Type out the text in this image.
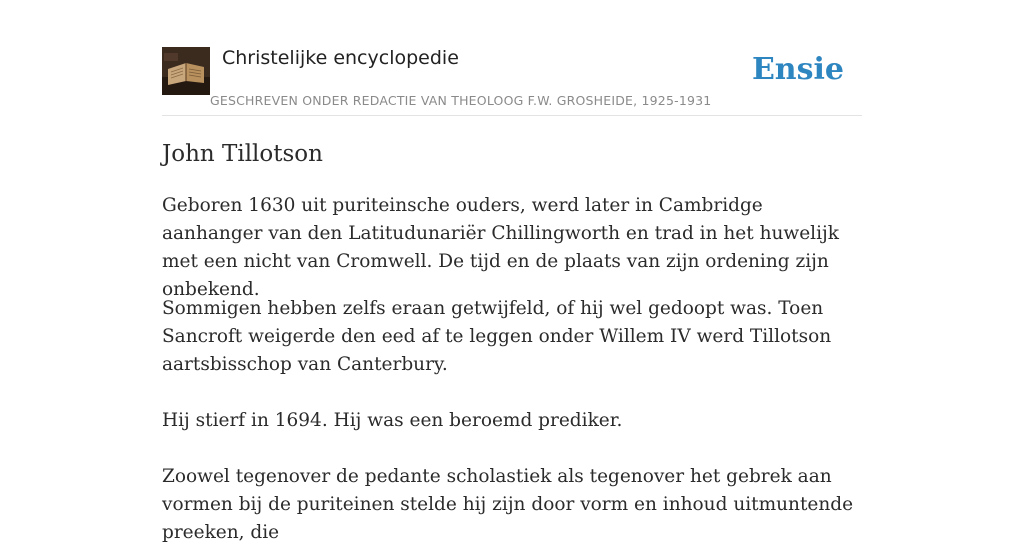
Christelijke encyclopedie
GESCHREVEN ONDER REDACTIE VAN THEOLOOG F.W. GROSHEIDE, 1925-1931
Ensie
John Tillotson

Geboren 1630 uit puriteinsche ouders, werd later in Cambridge aanhanger van den Latitudunariër Chillingworth en trad in het huwelijk met een nicht van Cromwell. De tijd en de plaats van zijn ordening zijn onbekend.

Sommigen hebben zelfs eraan getwijfeld, of hij wel gedoopt was. Toen Sancroft weigerde den eed af te leggen onder Willem IV werd Tillotson aartsbisschop van Canterbury.

Hij stierf in 1694. Hij was een beroemd prediker.

Zoowel tegenover de pedante scholastiek als tegenover het gebrek aan vormen bij de puriteinen stelde hij zijn door vorm en inhoud uitmuntende preeken, die
